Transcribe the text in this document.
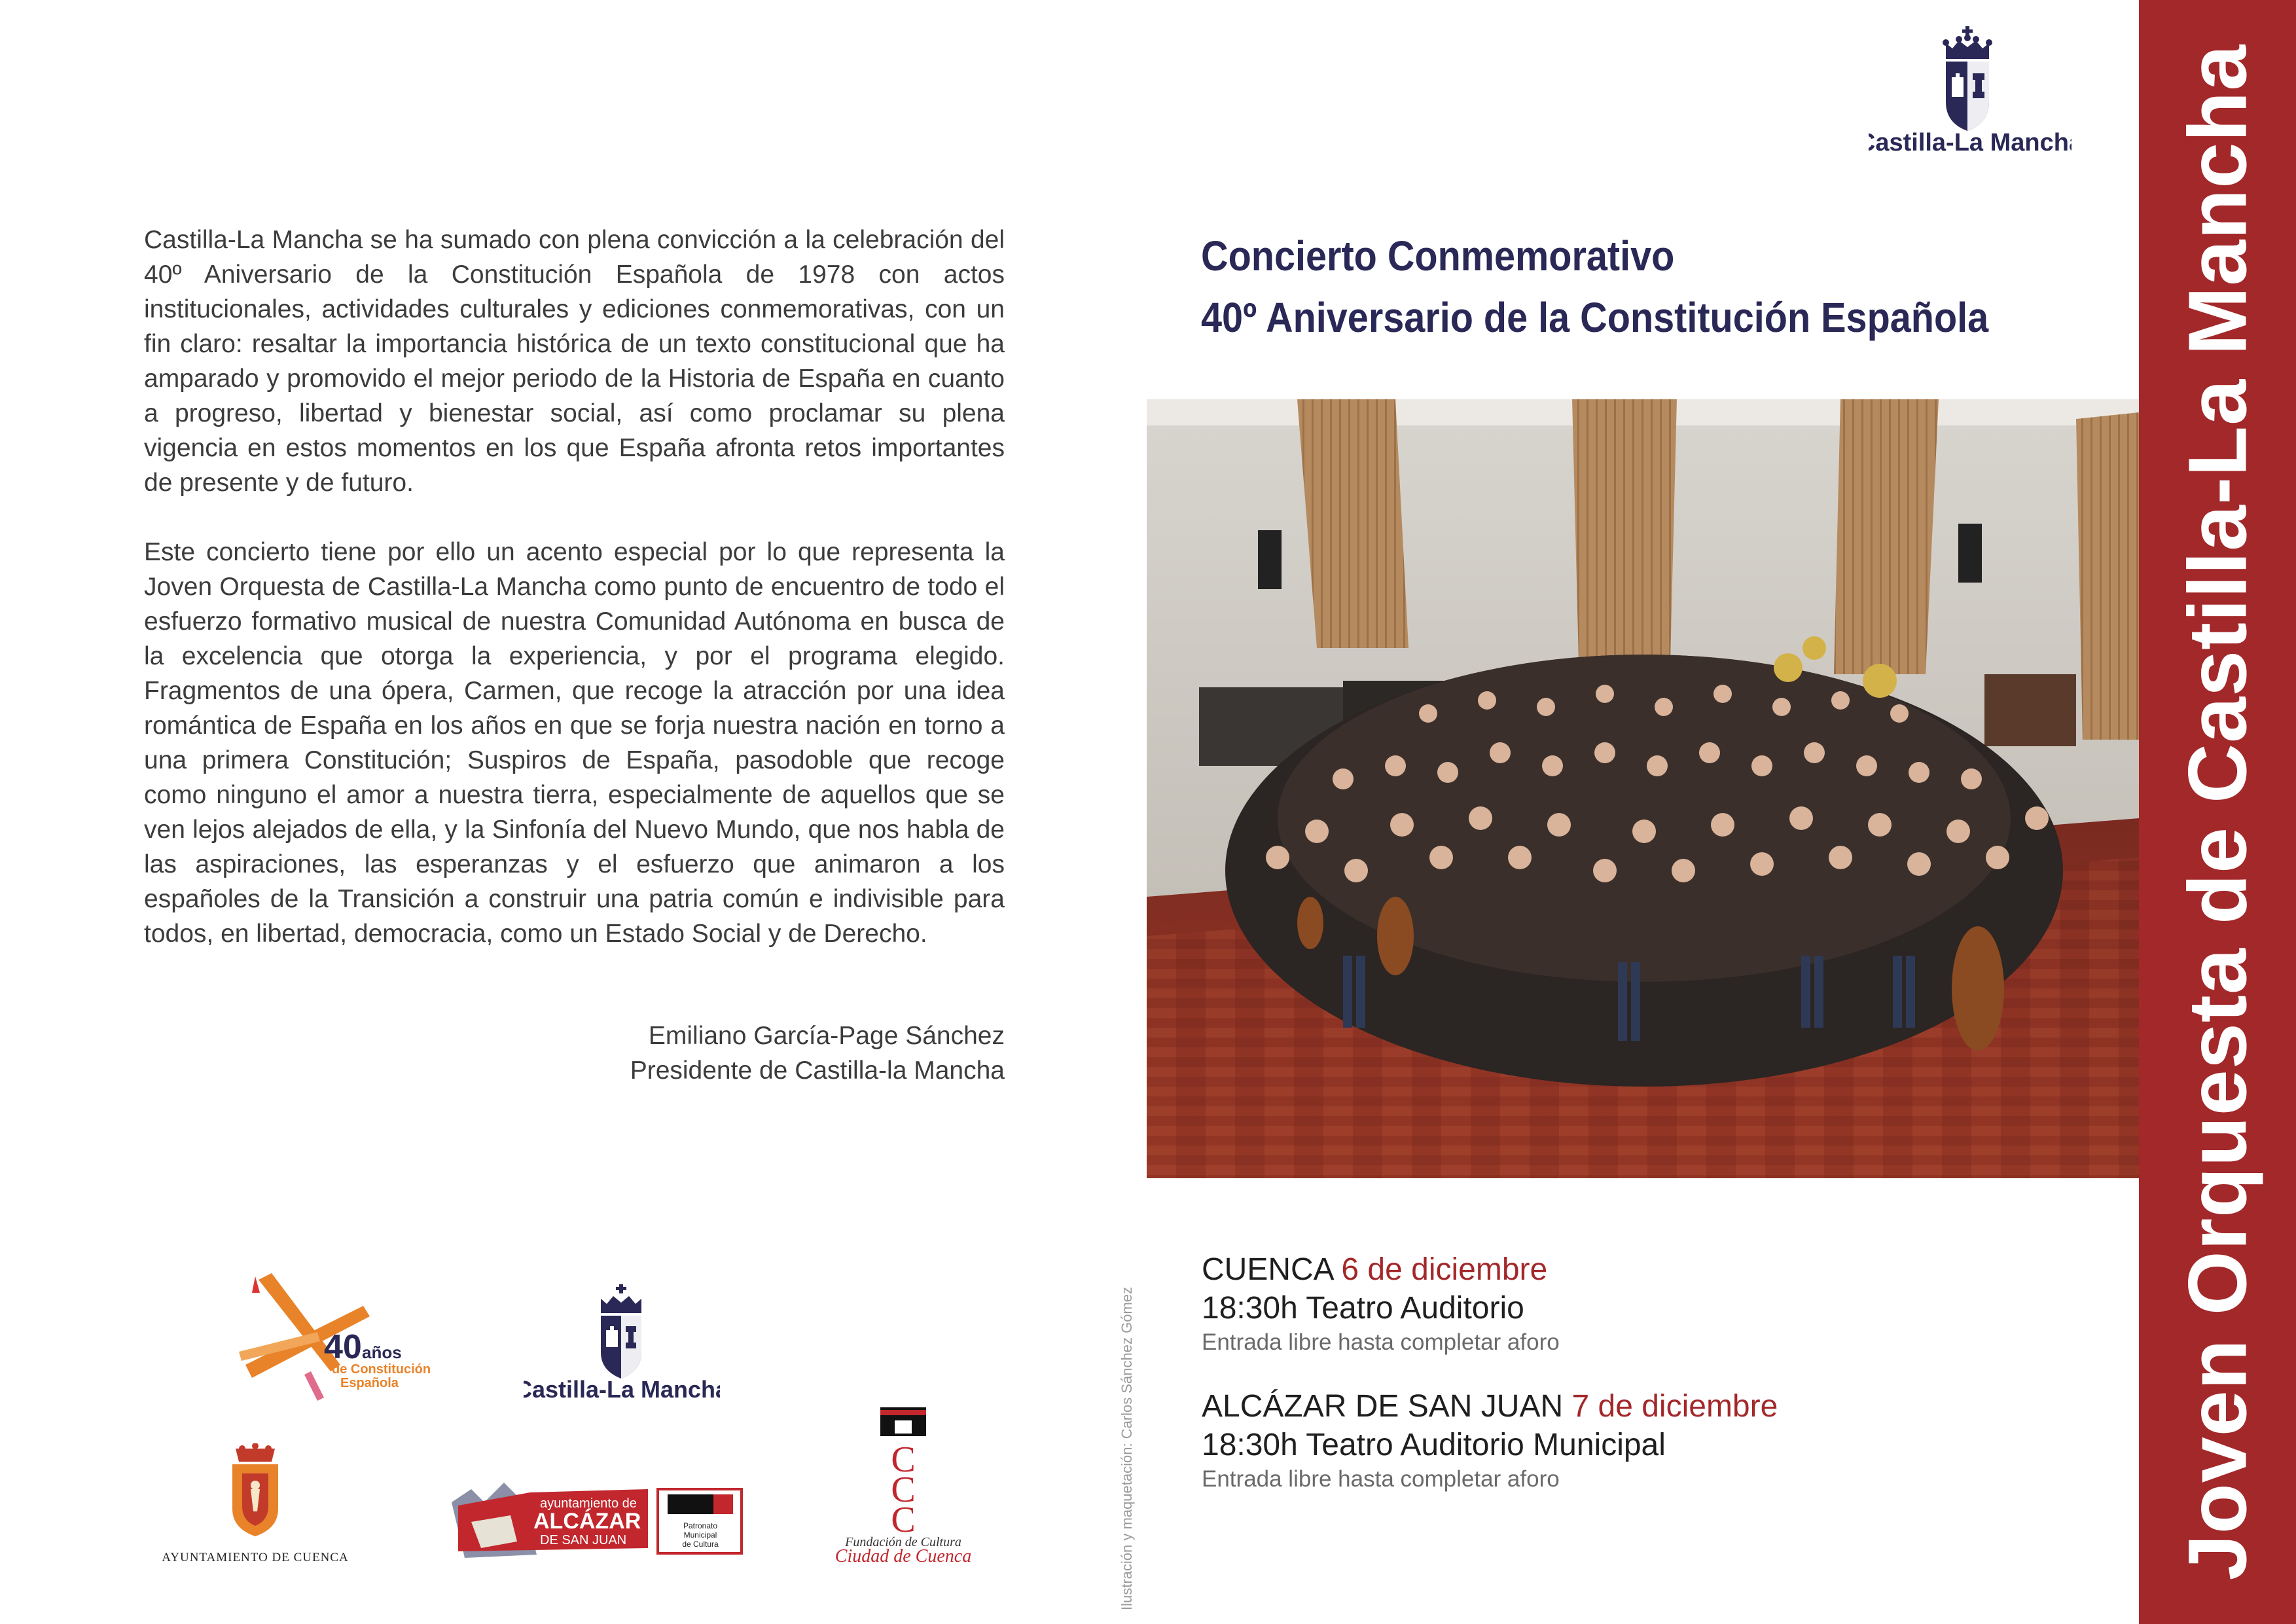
Joven Orquesta de Castilla-La Mancha
Castilla-La Mancha
Concierto Conmemorativo
40º Aniversario de la Constitución Española

Castilla-La Mancha se ha sumado con plena convicción a la celebración del 40º Aniversario de la Constitución Española de 1978 con actos institucionales, actividades culturales y ediciones conmemorativas, con un fin claro: resaltar la importancia histórica de un texto constitucional que ha amparado y promovido el mejor periodo de la Historia de España en cuanto a progreso, libertad y bienestar social, así como proclamar su plena vigencia en estos momentos en los que España afronta retos importantes de presente y de futuro.

Este concierto tiene por ello un acento especial por lo que representa la Joven Orquesta de Castilla-La Mancha como punto de encuentro de todo el esfuerzo formativo musical de nuestra Comunidad Autónoma en busca de la excelencia que otorga la experiencia, y por el programa elegido. Fragmentos de una ópera, Carmen, que recoge la atracción por una idea romántica de España en los años en que se forja nuestra nación en torno a una primera Constitución; Suspiros de España, pasodoble que recoge como ninguno el amor a nuestra tierra, especialmente de aquellos que se ven lejos alejados de ella, y la Sinfonía del Nuevo Mundo, que nos habla de las aspiraciones, las esperanzas y el esfuerzo que animaron a los españoles de la Transición a construir una patria común e indivisible para todos, en libertad, democracia, como un Estado Social y de Derecho.

Emiliano García-Page Sánchez
Presidente de Castilla-la Mancha
CUENCA 6 de diciembre
18:30h Teatro Auditorio
Entrada libre hasta completar aforo
ALCÁZAR DE SAN JUAN 7 de diciembre
18:30h Teatro Auditorio Municipal
Entrada libre hasta completar aforo
Ilustración y maquetación: Carlos Sánchez Gómez
40 años
de Constitución
Española	Castilla-La Mancha
AYUNTAMIENTO DE CUENCA
ayuntamiento de
ALCÁZAR
DE SAN JUAN
Patronato
Municipal
de Cultura
C
C
C
Fundación de Cultura
Ciudad de Cuenca
